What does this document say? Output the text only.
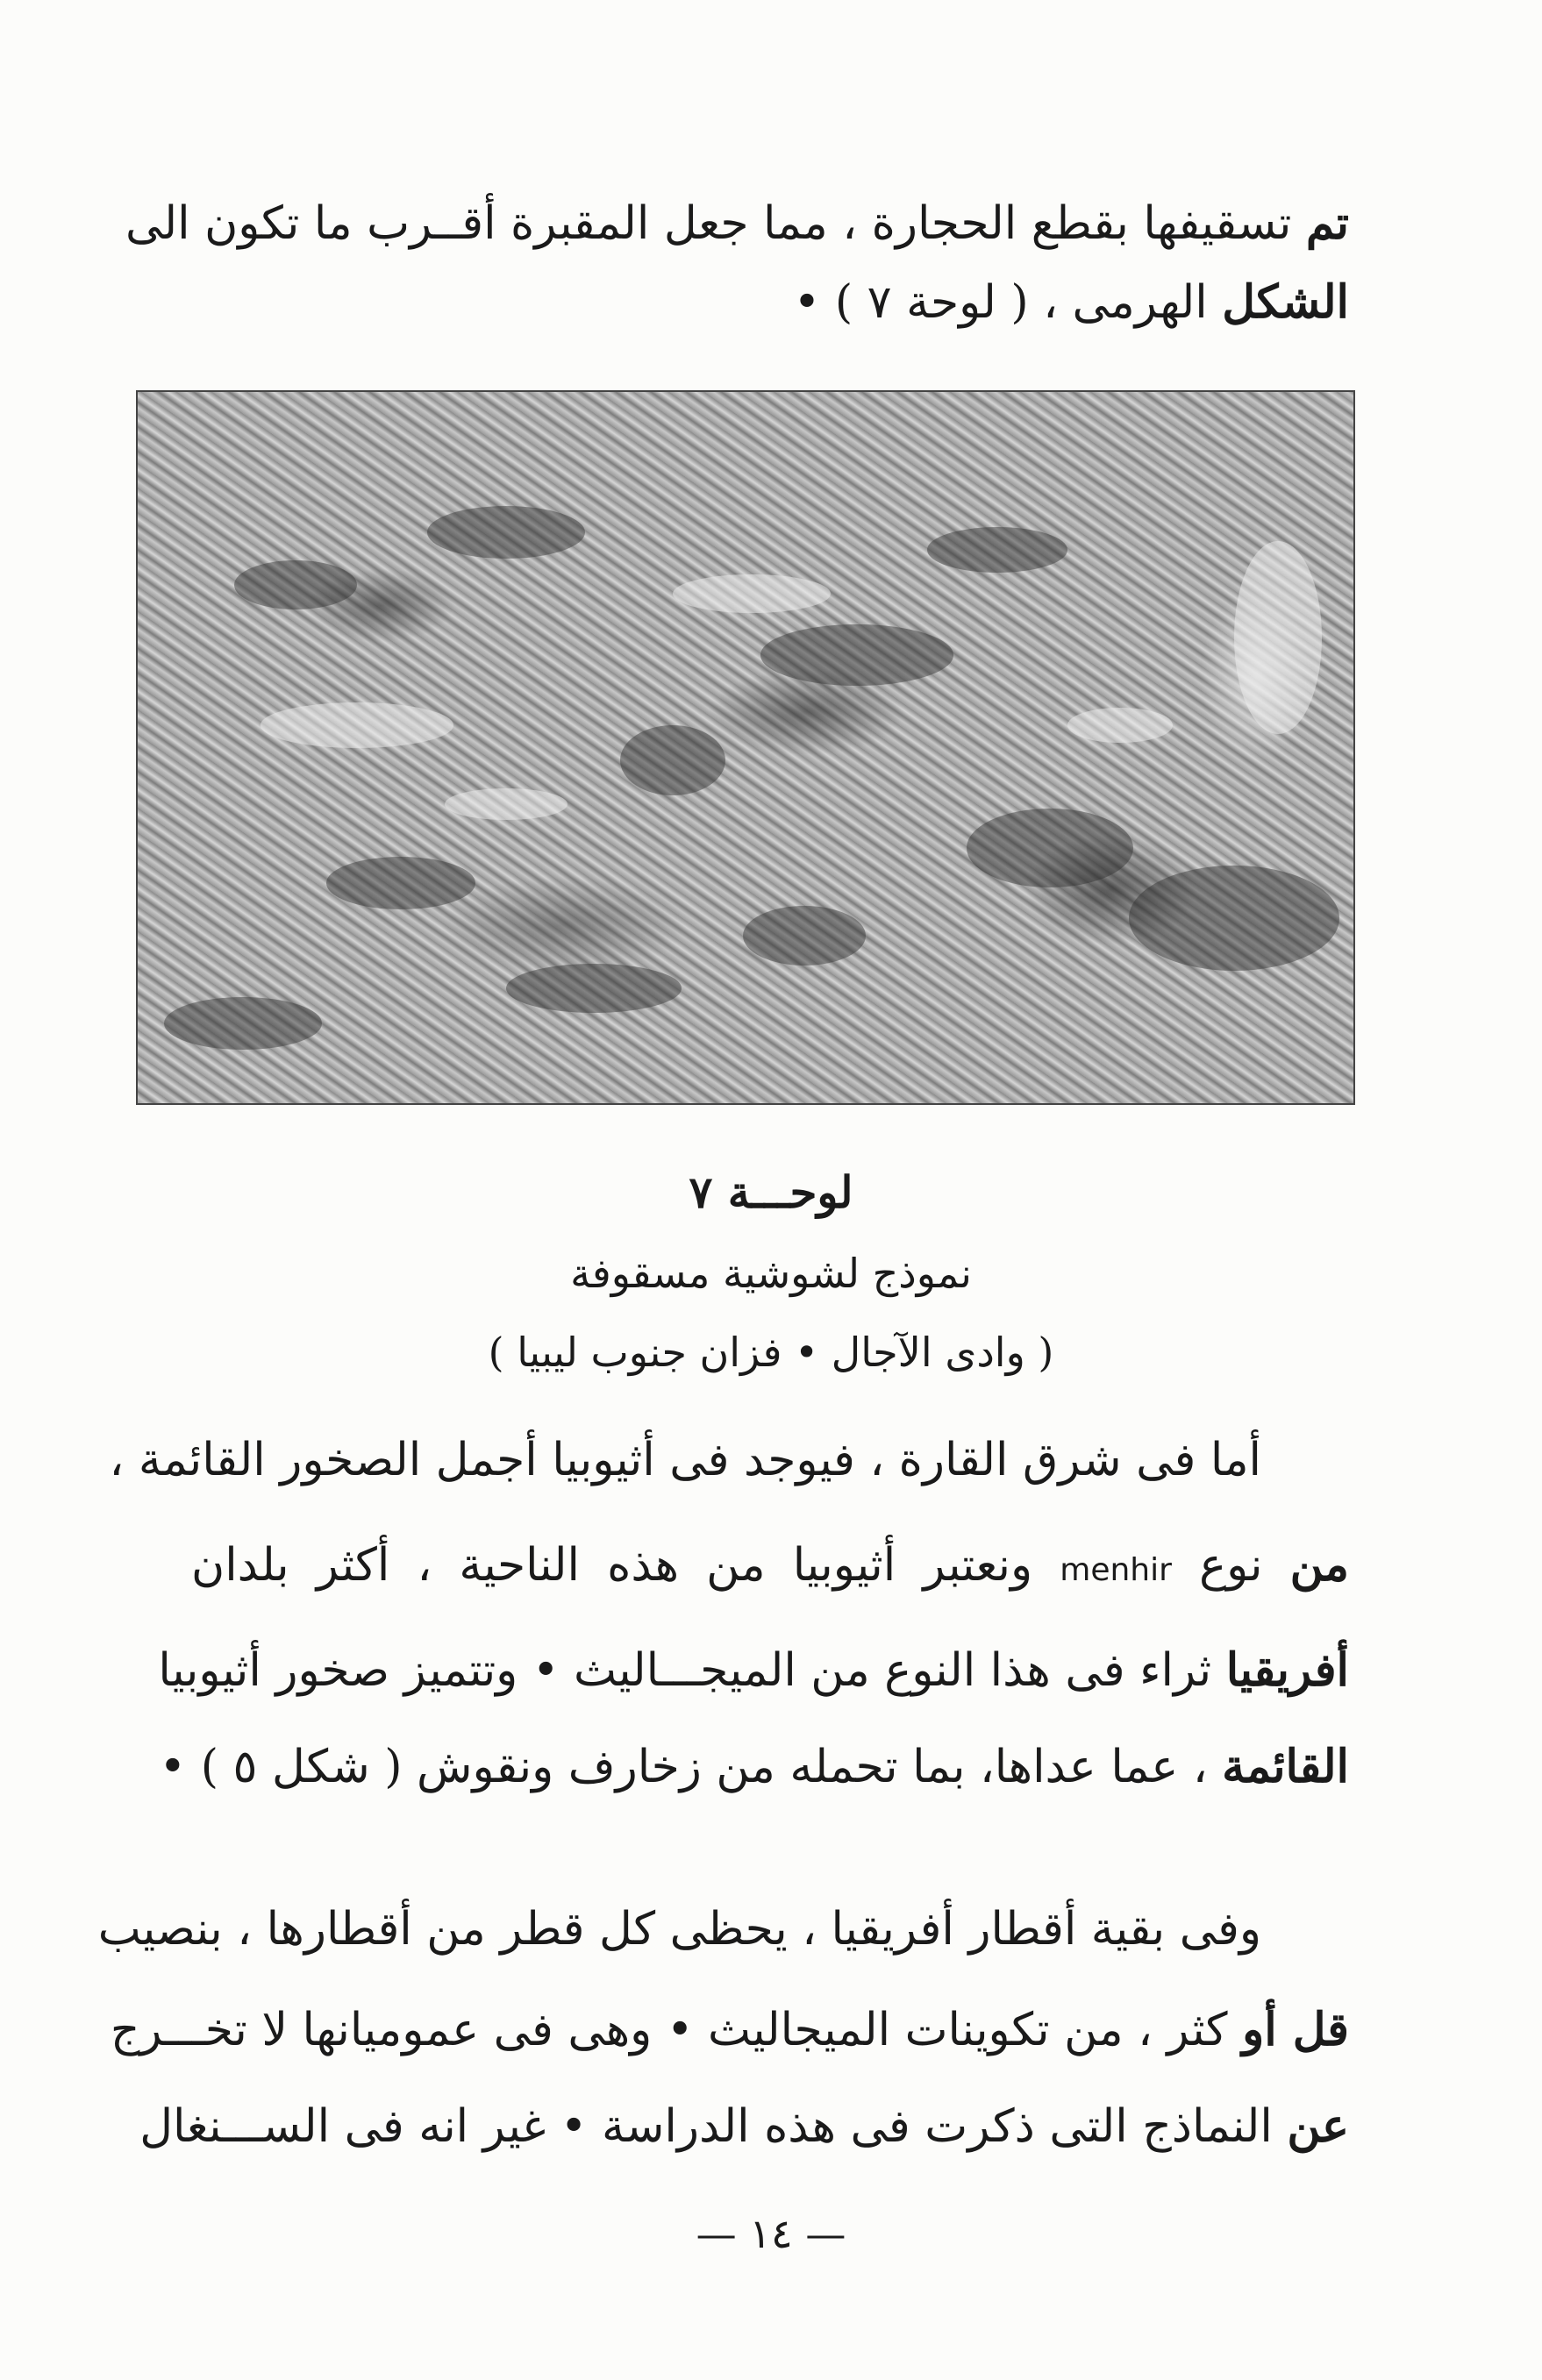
تم تسقيفها بقطع الحجارة ، مما جعل المقبرة أقــرب ما تكون الى
الشكل الهرمى ، ( لوحة ٧ ) •
لوحـــة ٧
نموذج لشوشية مسقوفة
( وادى الآجال • فزان جنوب ليبيا )
أما فى شرق القارة ، فيوجد فى أثيوبيا أجمل الصخور القائمة ،
من نوع menhir ونعتبر أثيوبيا من هذه الناحية ، أكثر بلدان
أفريقيا ثراء فى هذا النوع من الميجـــاليث • وتتميز صخور أثيوبيا
القائمة ، عما عداها، بما تحمله من زخارف ونقوش ( شكل ٥ ) •
وفى بقية أقطار أفريقيا ، يحظى كل قطر من أقطارها ، بنصيب
قل أو كثر ، من تكوينات الميجاليث • وهى فى عموميانها لا تخـــرج
عن النماذج التى ذكرت فى هذه الدراسة • غير انه فى الســـنغال
— ١٤ —
